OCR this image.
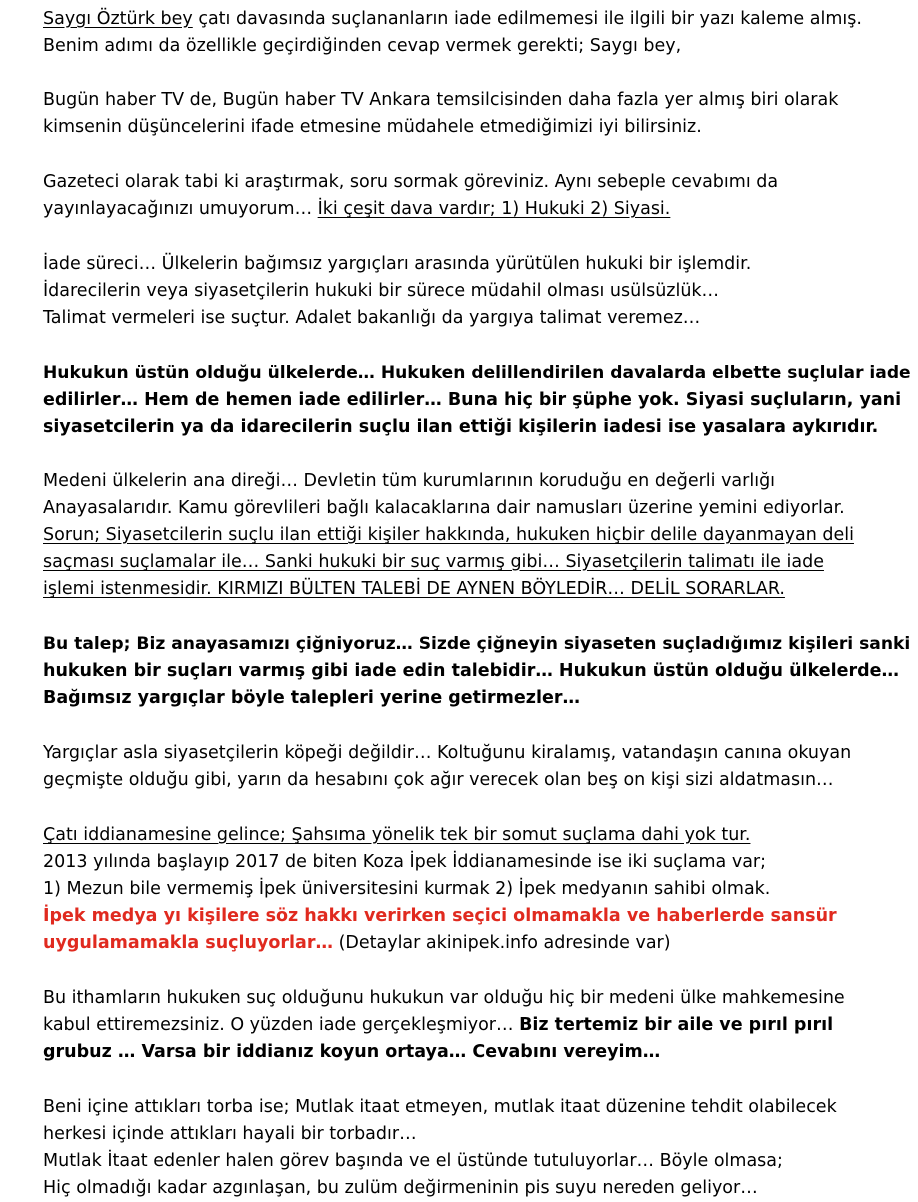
Saygı Öztürk bey çatı davasında suçlananların iade edilmemesi ile ilgili bir yazı kaleme almış.
Benim adımı da özellikle geçirdiğinden cevap vermek gerekti; Saygı bey,

Bugün haber TV de, Bugün haber TV Ankara temsilcisinden daha fazla yer almış biri olarak
kimsenin düşüncelerini ifade etmesine müdahele etmediğimizi iyi bilirsiniz.

Gazeteci olarak tabi ki araştırmak, soru sormak göreviniz. Aynı sebeple cevabımı da
yayınlayacağınızı umuyorum… İki çeşit dava vardır; 1) Hukuki 2) Siyasi.

İade süreci… Ülkelerin bağımsız yargıçları arasında yürütülen hukuki bir işlemdir.
İdarecilerin veya siyasetçilerin hukuki bir sürece müdahil olması usülsüzlük…
Talimat vermeleri ise suçtur. Adalet bakanlığı da yargıya talimat veremez…

Hukukun üstün olduğu ülkelerde… Hukuken delillendirilen davalarda elbette suçlular iade
edilirler… Hem de hemen iade edilirler… Buna hiç bir şüphe yok. Siyasi suçluların, yani
siyasetcilerin ya da idarecilerin suçlu ilan ettiği kişilerin iadesi ise yasalara aykırıdır.

Medeni ülkelerin ana direği… Devletin tüm kurumlarının koruduğu en değerli varlığı
Anayasalarıdır. Kamu görevlileri bağlı kalacaklarına dair namusları üzerine yemini ediyorlar.
Sorun; Siyasetcilerin suçlu ilan ettiği kişiler hakkında, hukuken hiçbir delile dayanmayan deli
saçması suçlamalar ile… Sanki hukuki bir suç varmış gibi… Siyasetçilerin talimatı ile iade
işlemi istenmesidir. KIRMIZI BÜLTEN TALEBİ DE AYNEN BÖYLEDİR… DELİL SORARLAR.

Bu talep; Biz anayasamızı çiğniyoruz… Sizde çiğneyin siyaseten suçladığımız kişileri sanki
hukuken bir suçları varmış gibi iade edin talebidir… Hukukun üstün olduğu ülkelerde…
Bağımsız yargıçlar böyle talepleri yerine getirmezler…

Yargıçlar asla siyasetçilerin köpeği değildir… Koltuğunu kiralamış, vatandaşın canına okuyan
geçmişte olduğu gibi, yarın da hesabını çok ağır verecek olan beş on kişi sizi aldatmasın…

Çatı iddianamesine gelince; Şahsıma yönelik tek bir somut suçlama dahi yok tur.
2013 yılında başlayıp 2017 de biten Koza İpek İddianamesinde ise iki suçlama var;
1) Mezun bile vermemiş İpek üniversitesini kurmak 2) İpek medyanın sahibi olmak.
İpek medya yı kişilere söz hakkı verirken seçici olmamakla ve haberlerde sansür
uygulamamakla suçluyorlar… (Detaylar akinipek.info adresinde var)

Bu ithamların hukuken suç olduğunu hukukun var olduğu hiç bir medeni ülke mahkemesine
kabul ettiremezsiniz. O yüzden iade gerçekleşmiyor… Biz tertemiz bir aile ve pırıl pırıl
grubuz … Varsa bir iddianız koyun ortaya… Cevabını vereyim…

Beni içine attıkları torba ise; Mutlak itaat etmeyen, mutlak itaat düzenine tehdit olabilecek
herkesi içinde attıkları hayali bir torbadır…
Mutlak İtaat edenler halen görev başında ve el üstünde tutuluyorlar… Böyle olmasa;
Hiç olmadığı kadar azgınlaşan, bu zulüm değirmeninin pis suyu nereden geliyor…
